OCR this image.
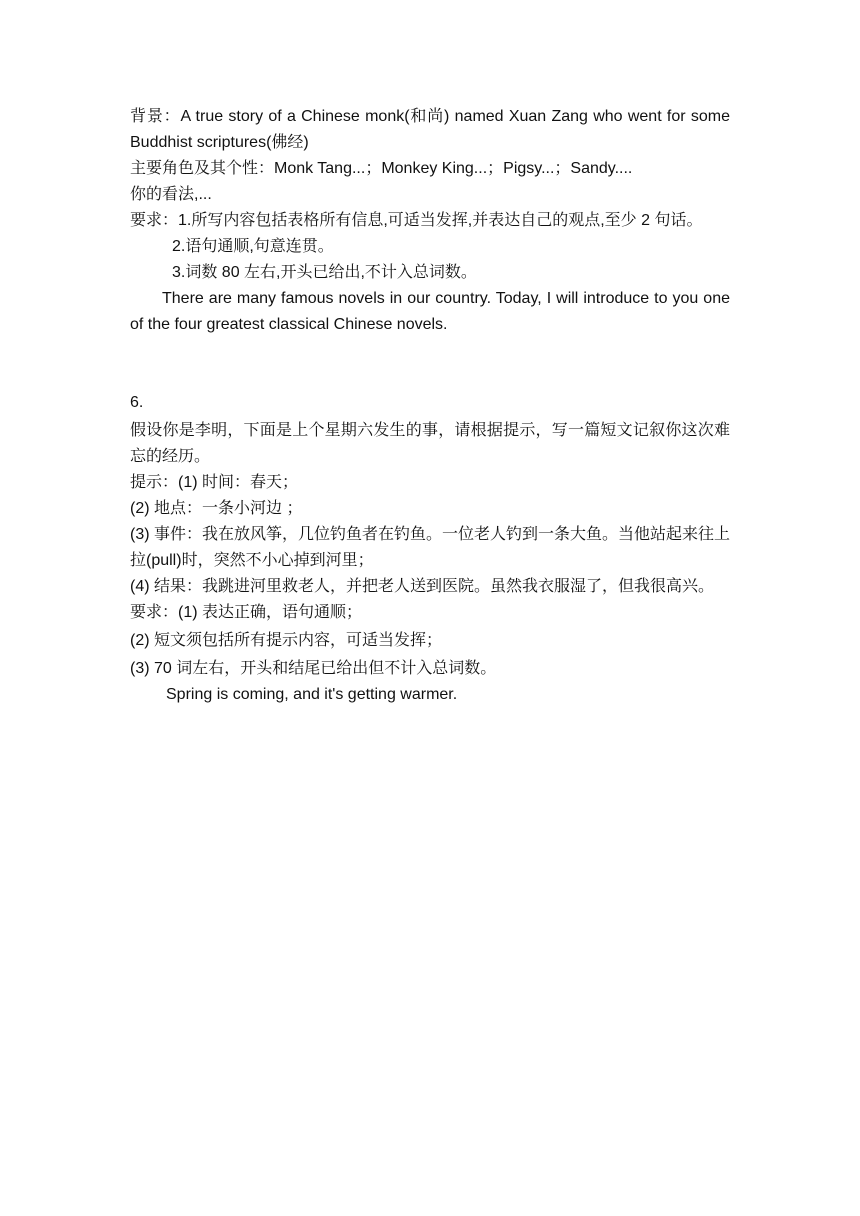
背景：A true story of a Chinese monk(和尚) named Xuan Zang who went for some Buddhist scriptures(佛经)

主要角色及其个性：Monk Tang...；Monkey King...；Pigsy...；Sandy....

你的看法,...

要求：1.所写内容包括表格所有信息,可适当发挥,并表达自己的观点,至少 2 句话。

2.语句通顺,句意连贯。

3.词数 80 左右,开头已给出,不计入总词数。

There are many famous novels in our country. Today, I will introduce to you one of the four greatest classical Chinese novels.

6.

假设你是李明，下面是上个星期六发生的事，请根据提示，写一篇短文记叙你这次难忘的经历。

提示：(1) 时间：春天；

(2) 地点：一条小河边 ；

(3) 事件：我在放风筝，几位钓鱼者在钓鱼。一位老人钓到一条大鱼。当他站起来往上拉(pull)时，突然不小心掉到河里；

(4) 结果：我跳进河里救老人，并把老人送到医院。虽然我衣服湿了，但我很高兴。

要求：(1) 表达正确，语句通顺；

(2) 短文须包括所有提示内容，可适当发挥；

(3) 70 词左右，开头和结尾已给出但不计入总词数。

Spring is coming, and it's getting warmer.
